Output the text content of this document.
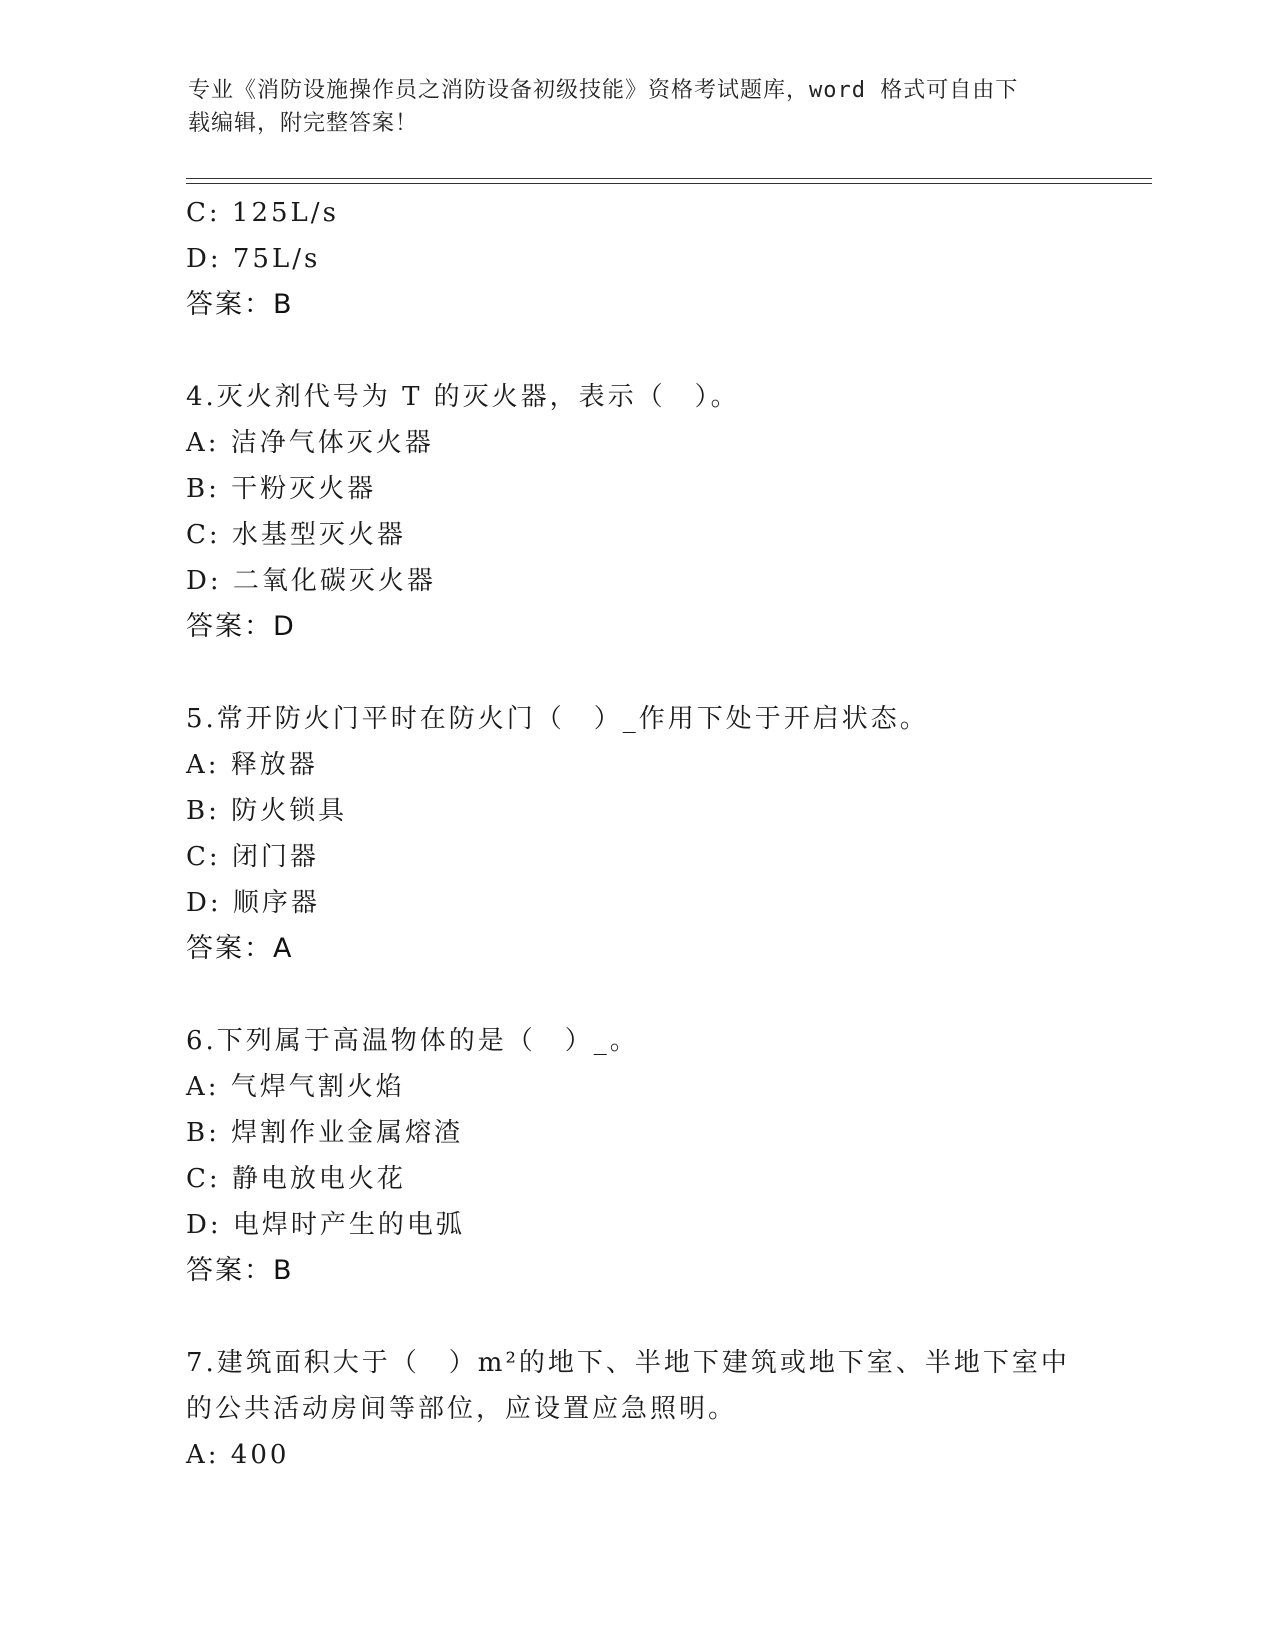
专业《消防设施操作员之消防设备初级技能》资格考试题库，word 格式可自由下
载编辑，附完整答案！
C: 125L/s
D: 75L/s
答案：B
4.灭火剂代号为 T 的灭火器，表示（　）。
A: 洁净气体灭火器
B: 干粉灭火器
C: 水基型灭火器
D: 二氧化碳灭火器
答案：D
5.常开防火门平时在防火门（　）_作用下处于开启状态。
A: 释放器
B: 防火锁具
C: 闭门器
D: 顺序器
答案：A
6.下列属于高温物体的是（　）_。
A: 气焊气割火焰
B: 焊割作业金属熔渣
C: 静电放电火花
D: 电焊时产生的电弧
答案：B
7.建筑面积大于（　）m²的地下、半地下建筑或地下室、半地下室中
的公共活动房间等部位，应设置应急照明。
A: 400
